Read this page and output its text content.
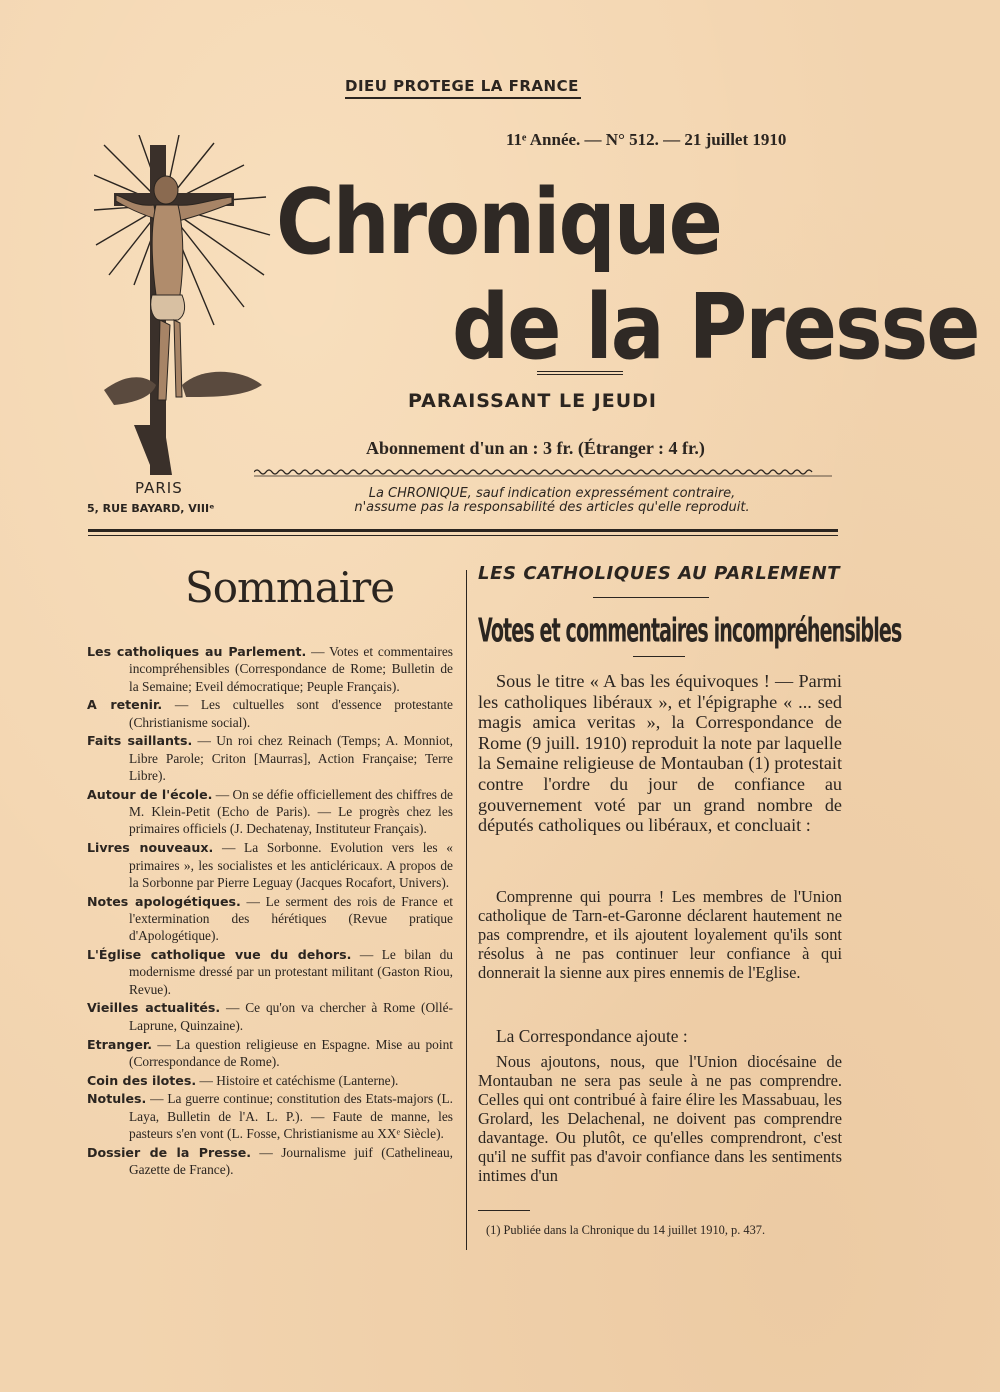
DIEU PROTEGE LA FRANCE
11ᵉ Année. — N° 512. — 21 juillet 1910
Chronique
de la Presse
PARAISSANT LE JEUDI
Abonnement d'un an : 3 fr. (Étranger : 4 fr.)
PARIS
5, RUE BAYARD, VIIIᵉ
La CHRONIQUE, sauf indication expressément contraire,
n'assume pas la responsabilité des articles qu'elle reproduit.
Sommaire
Les catholiques au Parlement. — Votes et commentaires incompréhensibles (Correspondance de Rome; Bulletin de la Semaine; Eveil démocratique; Peuple Français).
A retenir. — Les cultuelles sont d'essence protestante (Christianisme social).
Faits saillants. — Un roi chez Reinach (Temps; A. Monniot, Libre Parole; Criton [Maurras], Action Française; Terre Libre).
Autour de l'école. — On se défie officiellement des chiffres de M. Klein-Petit (Echo de Paris). — Le progrès chez les primaires officiels (J. Dechatenay, Instituteur Français).
Livres nouveaux. — La Sorbonne. Evolution vers les « primaires », les socialistes et les anticléricaux. A propos de la Sorbonne par Pierre Leguay (Jacques Rocafort, Univers).
Notes apologétiques. — Le serment des rois de France et l'extermination des hérétiques (Revue pratique d'Apologétique).
L'Église catholique vue du dehors. — Le bilan du modernisme dressé par un protestant militant (Gaston Riou, Revue).
Vieilles actualités. — Ce qu'on va chercher à Rome (Ollé-Laprune, Quinzaine).
Etranger. — La question religieuse en Espagne. Mise au point (Correspondance de Rome).
Coin des ilotes. — Histoire et catéchisme (Lanterne).
Notules. — La guerre continue; constitution des Etats-majors (L. Laya, Bulletin de l'A. L. P.). — Faute de manne, les pasteurs s'en vont (L. Fosse, Christianisme au XXᵉ Siècle).
Dossier de la Presse. — Journalisme juif (Cathelineau, Gazette de France).
LES CATHOLIQUES AU PARLEMENT
Votes et commentaires incompréhensibles
Sous le titre « A bas les équivoques ! — Parmi les catholiques libéraux », et l'épigraphe « ... sed magis amica veritas », la Correspondance de Rome (9 juill. 1910) reproduit la note par laquelle la Semaine religieuse de Montauban (1) protestait contre l'ordre du jour de confiance au gouvernement voté par un grand nombre de députés catholiques ou libéraux, et concluait :
Comprenne qui pourra ! Les membres de l'Union catholique de Tarn-et-Garonne déclarent hautement ne pas comprendre, et ils ajoutent loyalement qu'ils sont résolus à ne pas continuer leur confiance à qui donnerait la sienne aux pires ennemis de l'Eglise.
La Correspondance ajoute :
Nous ajoutons, nous, que l'Union diocésaine de Montauban ne sera pas seule à ne pas comprendre. Celles qui ont contribué à faire élire les Massabuau, les Grolard, les Delachenal, ne doivent pas comprendre davantage. Ou plutôt, ce qu'elles comprendront, c'est qu'il ne suffit pas d'avoir confiance dans les sentiments intimes d'un
(1) Publiée dans la Chronique du 14 juillet 1910, p. 437.
